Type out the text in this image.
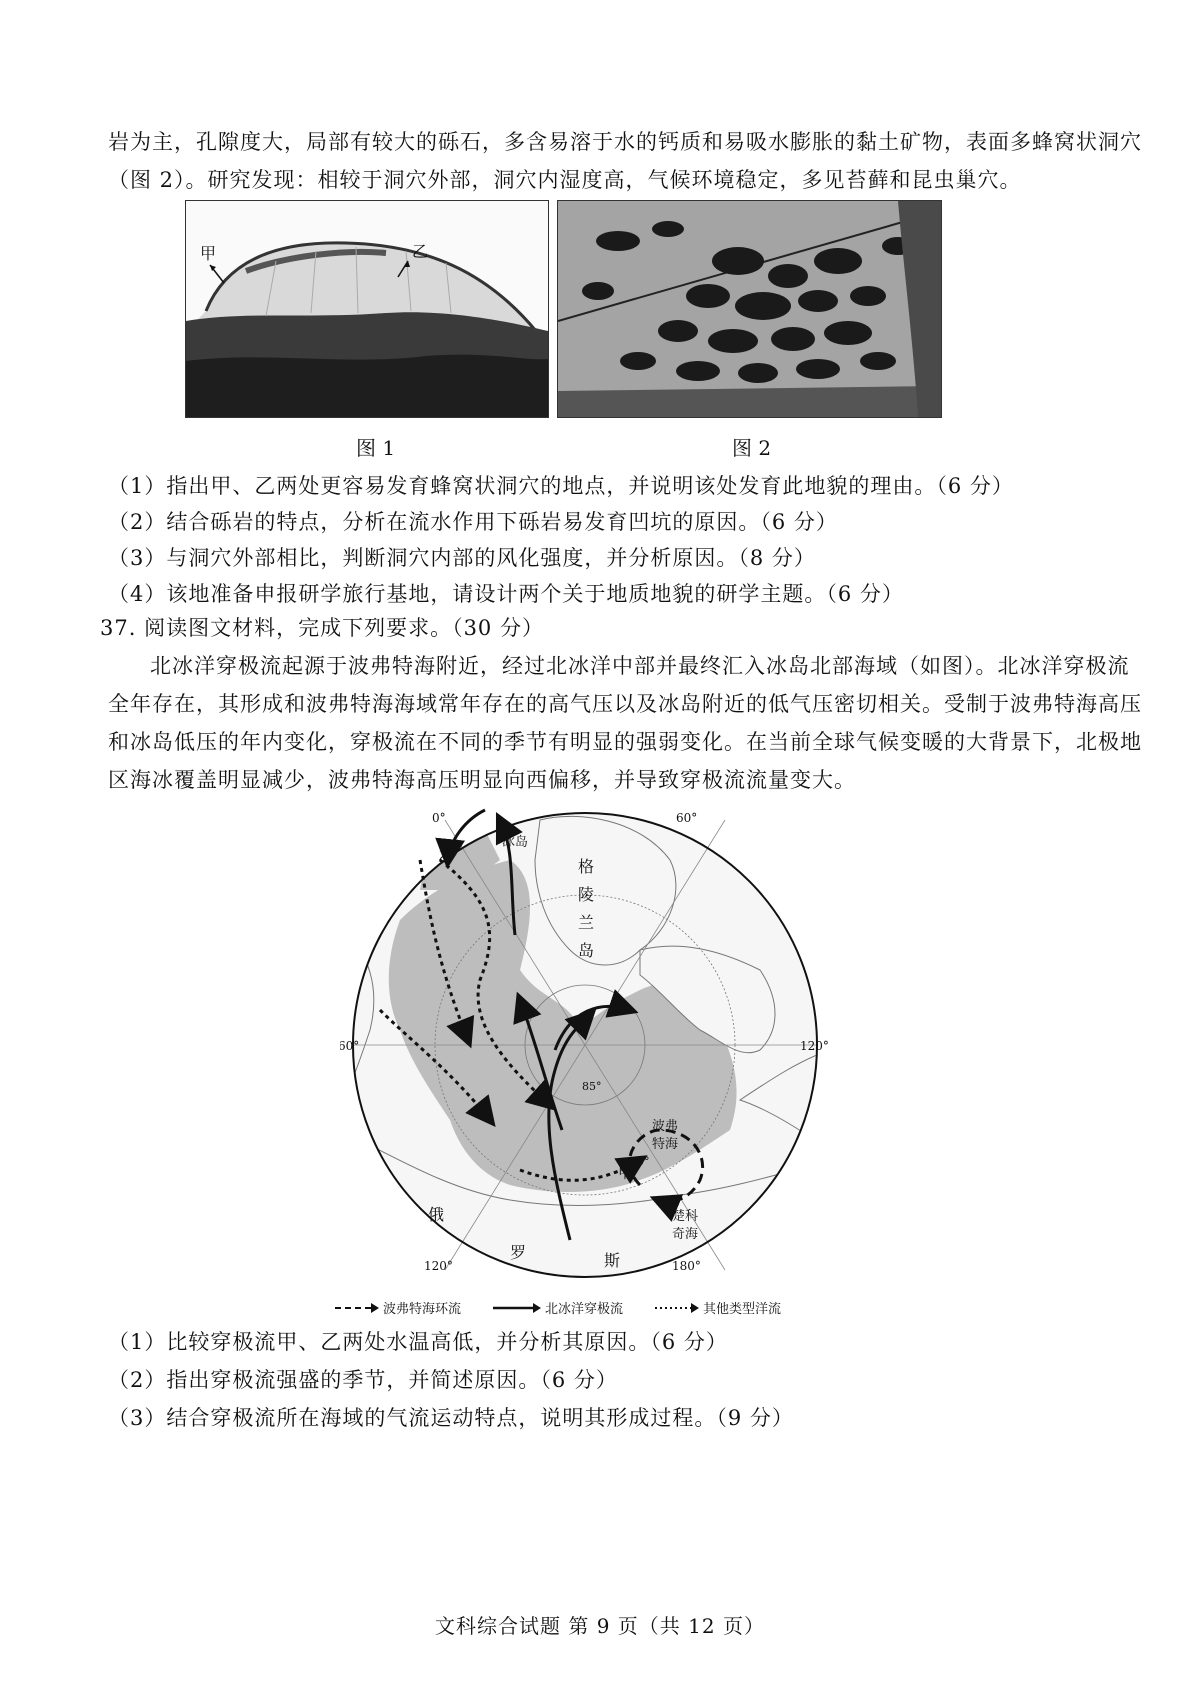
岩为主，孔隙度大，局部有较大的砾石，多含易溶于水的钙质和易吸水膨胀的黏土矿物，表面多蜂窝状洞穴
（图 2）。研究发现：相较于洞穴外部，洞穴内湿度高，气候环境稳定，多见苔藓和昆虫巢穴。
甲	乙
图 1	图 2
（1）指出甲、乙两处更容易发育蜂窝状洞穴的地点，并说明该处发育此地貌的理由。（6 分）
（2）结合砾岩的特点，分析在流水作用下砾岩易发育凹坑的原因。（6 分）
（3）与洞穴外部相比，判断洞穴内部的风化强度，并分析原因。（8 分）
（4）该地准备申报研学旅行基地，请设计两个关于地质地貌的研学主题。（6 分）
37. 阅读图文材料，完成下列要求。（30 分）
北冰洋穿极流起源于波弗特海附近，经过北冰洋中部并最终汇入冰岛北部海域（如图）。北冰洋穿极流
全年存在，其形成和波弗特海海域常年存在的高气压以及冰岛附近的低气压密切相关。受制于波弗特海高压
和冰岛低压的年内变化，穿极流在不同的季节有明显的强弱变化。在当前全球气候变暖的大背景下，北极地
区海冰覆盖明显减少，波弗特海高压明显向西偏移，并导致穿极流流量变大。
0°	60°
60°	120°
120°	180°
85°
75°
冰岛
格
陵
兰
岛
波弗
特海
楚科
奇海
俄
罗	斯
甲
乙
波弗特海环流	北冰洋穿极流	其他类型洋流
（1）比较穿极流甲、乙两处水温高低，并分析其原因。（6 分）
（2）指出穿极流强盛的季节，并简述原因。（6 分）
（3）结合穿极流所在海域的气流运动特点，说明其形成过程。（9 分）
文科综合试题 第 9 页（共 12 页）
